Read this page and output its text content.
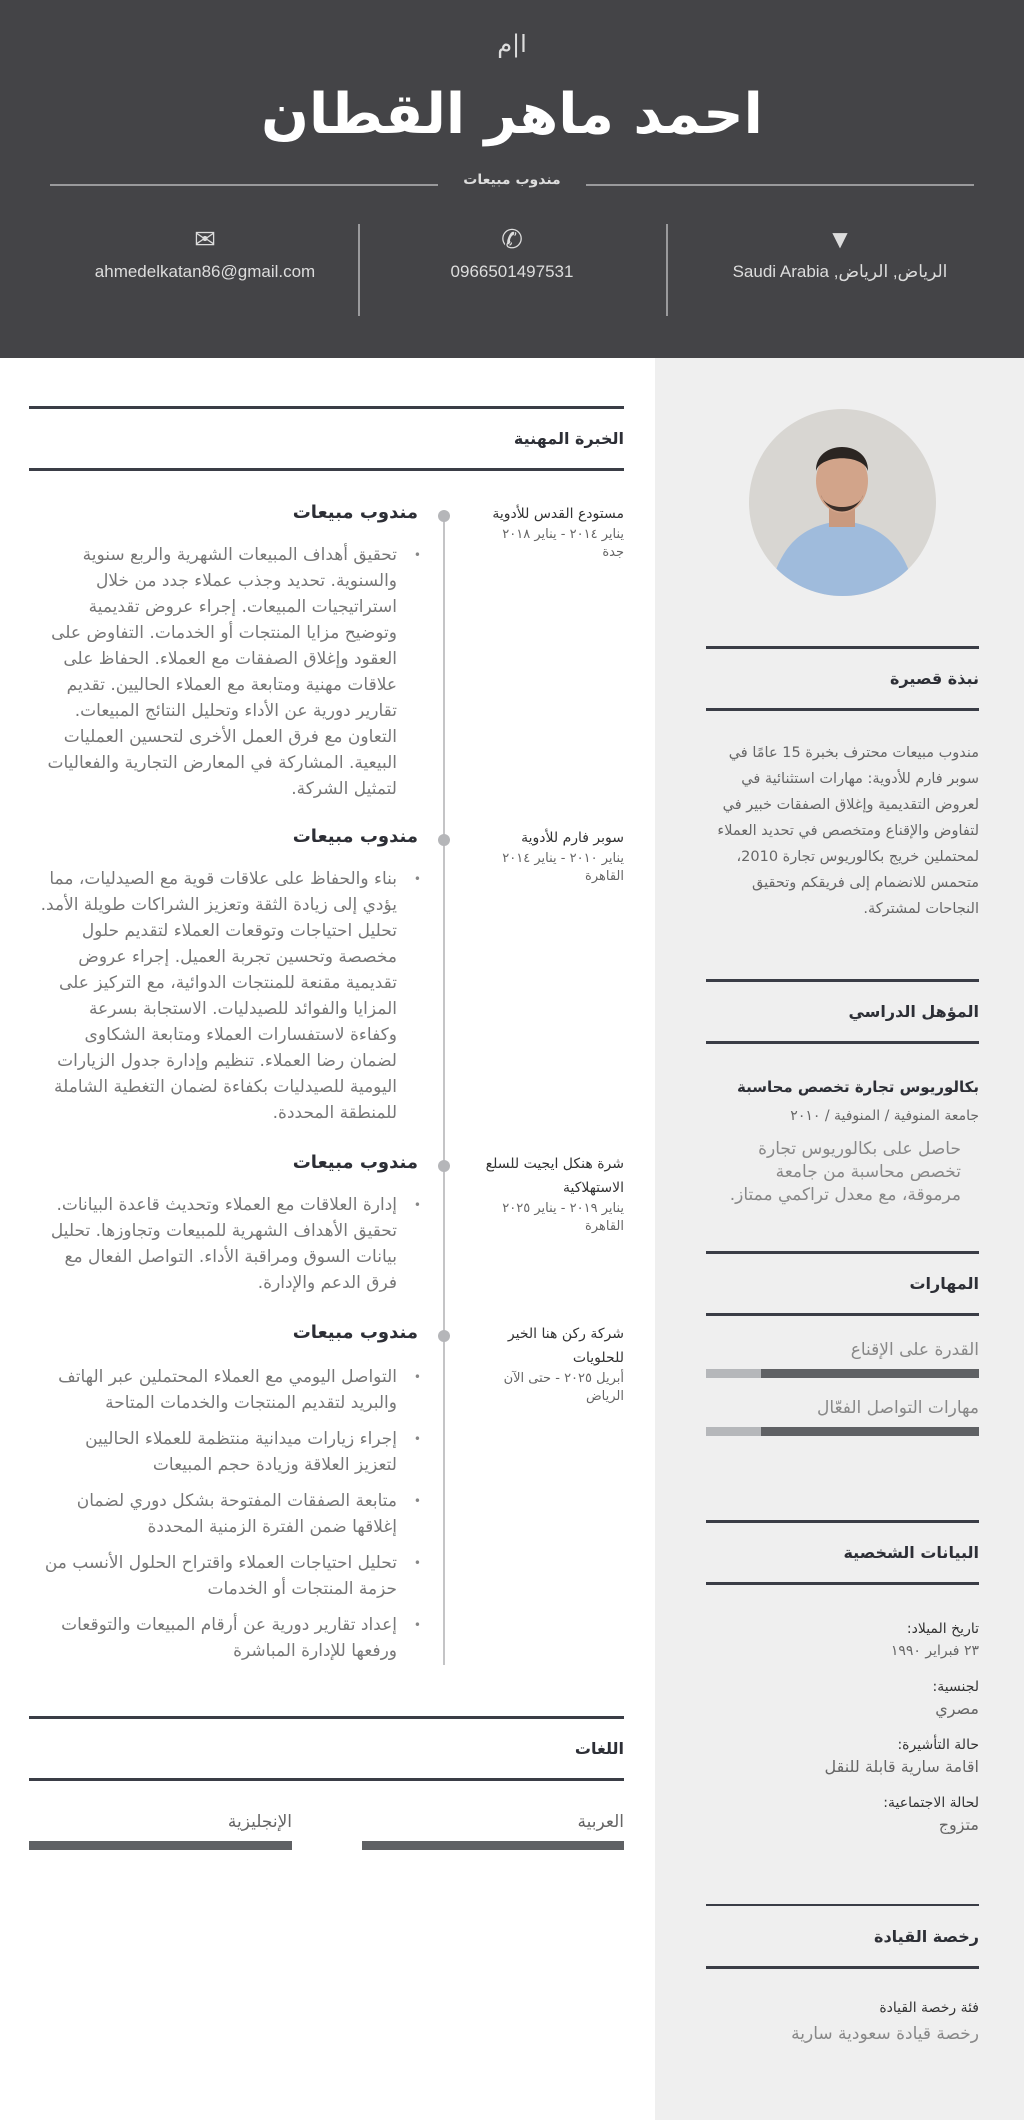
ا|م
احمد ماهر القطان
مندوب مبيعات
▼
الرياض, الرياض, Saudi Arabia
✆
0966501497531
✉
ahmedelkatan86@gmail.com
الخبرة المهنية
مستودع القدس للأدوية
يناير ٢٠١٤ - يناير ٢٠١٨
جدة
مندوب مبيعات
• تحقيق أهداف المبيعات الشهرية والربع سنوية والسنوية. تحديد وجذب عملاء جدد من خلال استراتيجيات المبيعات. إجراء عروض تقديمية وتوضيح مزايا المنتجات أو الخدمات. التفاوض على العقود وإغلاق الصفقات مع العملاء. الحفاظ على علاقات مهنية ومتابعة مع العملاء الحاليين. تقديم تقارير دورية عن الأداء وتحليل النتائج المبيعات. التعاون مع فرق العمل الأخرى لتحسين العمليات البيعية. المشاركة في المعارض التجارية والفعاليات لتمثيل الشركة.
سوبر فارم للأدوية
يناير ٢٠١٠ - يناير ٢٠١٤
القاهرة
مندوب مبيعات
• بناء والحفاظ على علاقات قوية مع الصيدليات، مما يؤدي إلى زيادة الثقة وتعزيز الشراكات طويلة الأمد. تحليل احتياجات وتوقعات العملاء لتقديم حلول مخصصة وتحسين تجربة العميل. إجراء عروض تقديمية مقنعة للمنتجات الدوائية، مع التركيز على المزايا والفوائد للصيدليات. الاستجابة بسرعة وكفاءة لاستفسارات العملاء ومتابعة الشكاوى لضمان رضا العملاء. تنظيم وإدارة جدول الزيارات اليومية للصيدليات بكفاءة لضمان التغطية الشاملة للمنطقة المحددة.
شرة هنكل ايجيت للسلع الاستهلاكية
يناير ٢٠١٩ - يناير ٢٠٢٥
القاهرة
مندوب مبيعات
• إدارة العلاقات مع العملاء وتحديث قاعدة البيانات. تحقيق الأهداف الشهرية للمبيعات وتجاوزها. تحليل بيانات السوق ومراقبة الأداء. التواصل الفعال مع فرق الدعم والإدارة.
شركة ركن هنا الخير للحلويات
أبريل ٢٠٢٥ - حتى الآن
الرياض
مندوب مبيعات
• التواصل اليومي مع العملاء المحتملين عبر الهاتف والبريد لتقديم المنتجات والخدمات المتاحة
• إجراء زيارات ميدانية منتظمة للعملاء الحاليين لتعزيز العلاقة وزيادة حجم المبيعات
• متابعة الصفقات المفتوحة بشكل دوري لضمان إغلاقها ضمن الفترة الزمنية المحددة
• تحليل احتياجات العملاء واقتراح الحلول الأنسب من حزمة المنتجات أو الخدمات
• إعداد تقارير دورية عن أرقام المبيعات والتوقعات ورفعها للإدارة المباشرة
اللغات
العربية
الإنجليزية
نبذة قصيرة
مندوب مبيعات محترف بخبرة 15 عامًا في سوبر فارم للأدوية: مهارات استثنائية في لعروض التقديمية وإغلاق الصفقات خبير في لتفاوض والإقناع ومتخصص في تحديد العملاء لمحتملين خريج بكالوريوس تجارة 2010، متحمس للانضمام إلى فريقكم وتحقيق النجاحات لمشتركة.
المؤهل الدراسي
بكالوريوس تجارة تخصص محاسبة
جامعة المنوفية / المنوفية / ٢٠١٠
حاصل على بكالوريوس تجارة تخصص محاسبة من جامعة مرموقة، مع معدل تراكمي ممتاز.
المهارات
القدرة على الإقناع
مهارات التواصل الفعّال
البيانات الشخصية
تاريخ الميلاد:
٢٣ فبراير ١٩٩٠
لجنسية:
مصري
حالة التأشيرة:
اقامة سارية قابلة للنقل
لحالة الاجتماعية:
متزوج
رخصة القيادة
فئة رخصة القيادة
رخصة قيادة سعودية سارية
